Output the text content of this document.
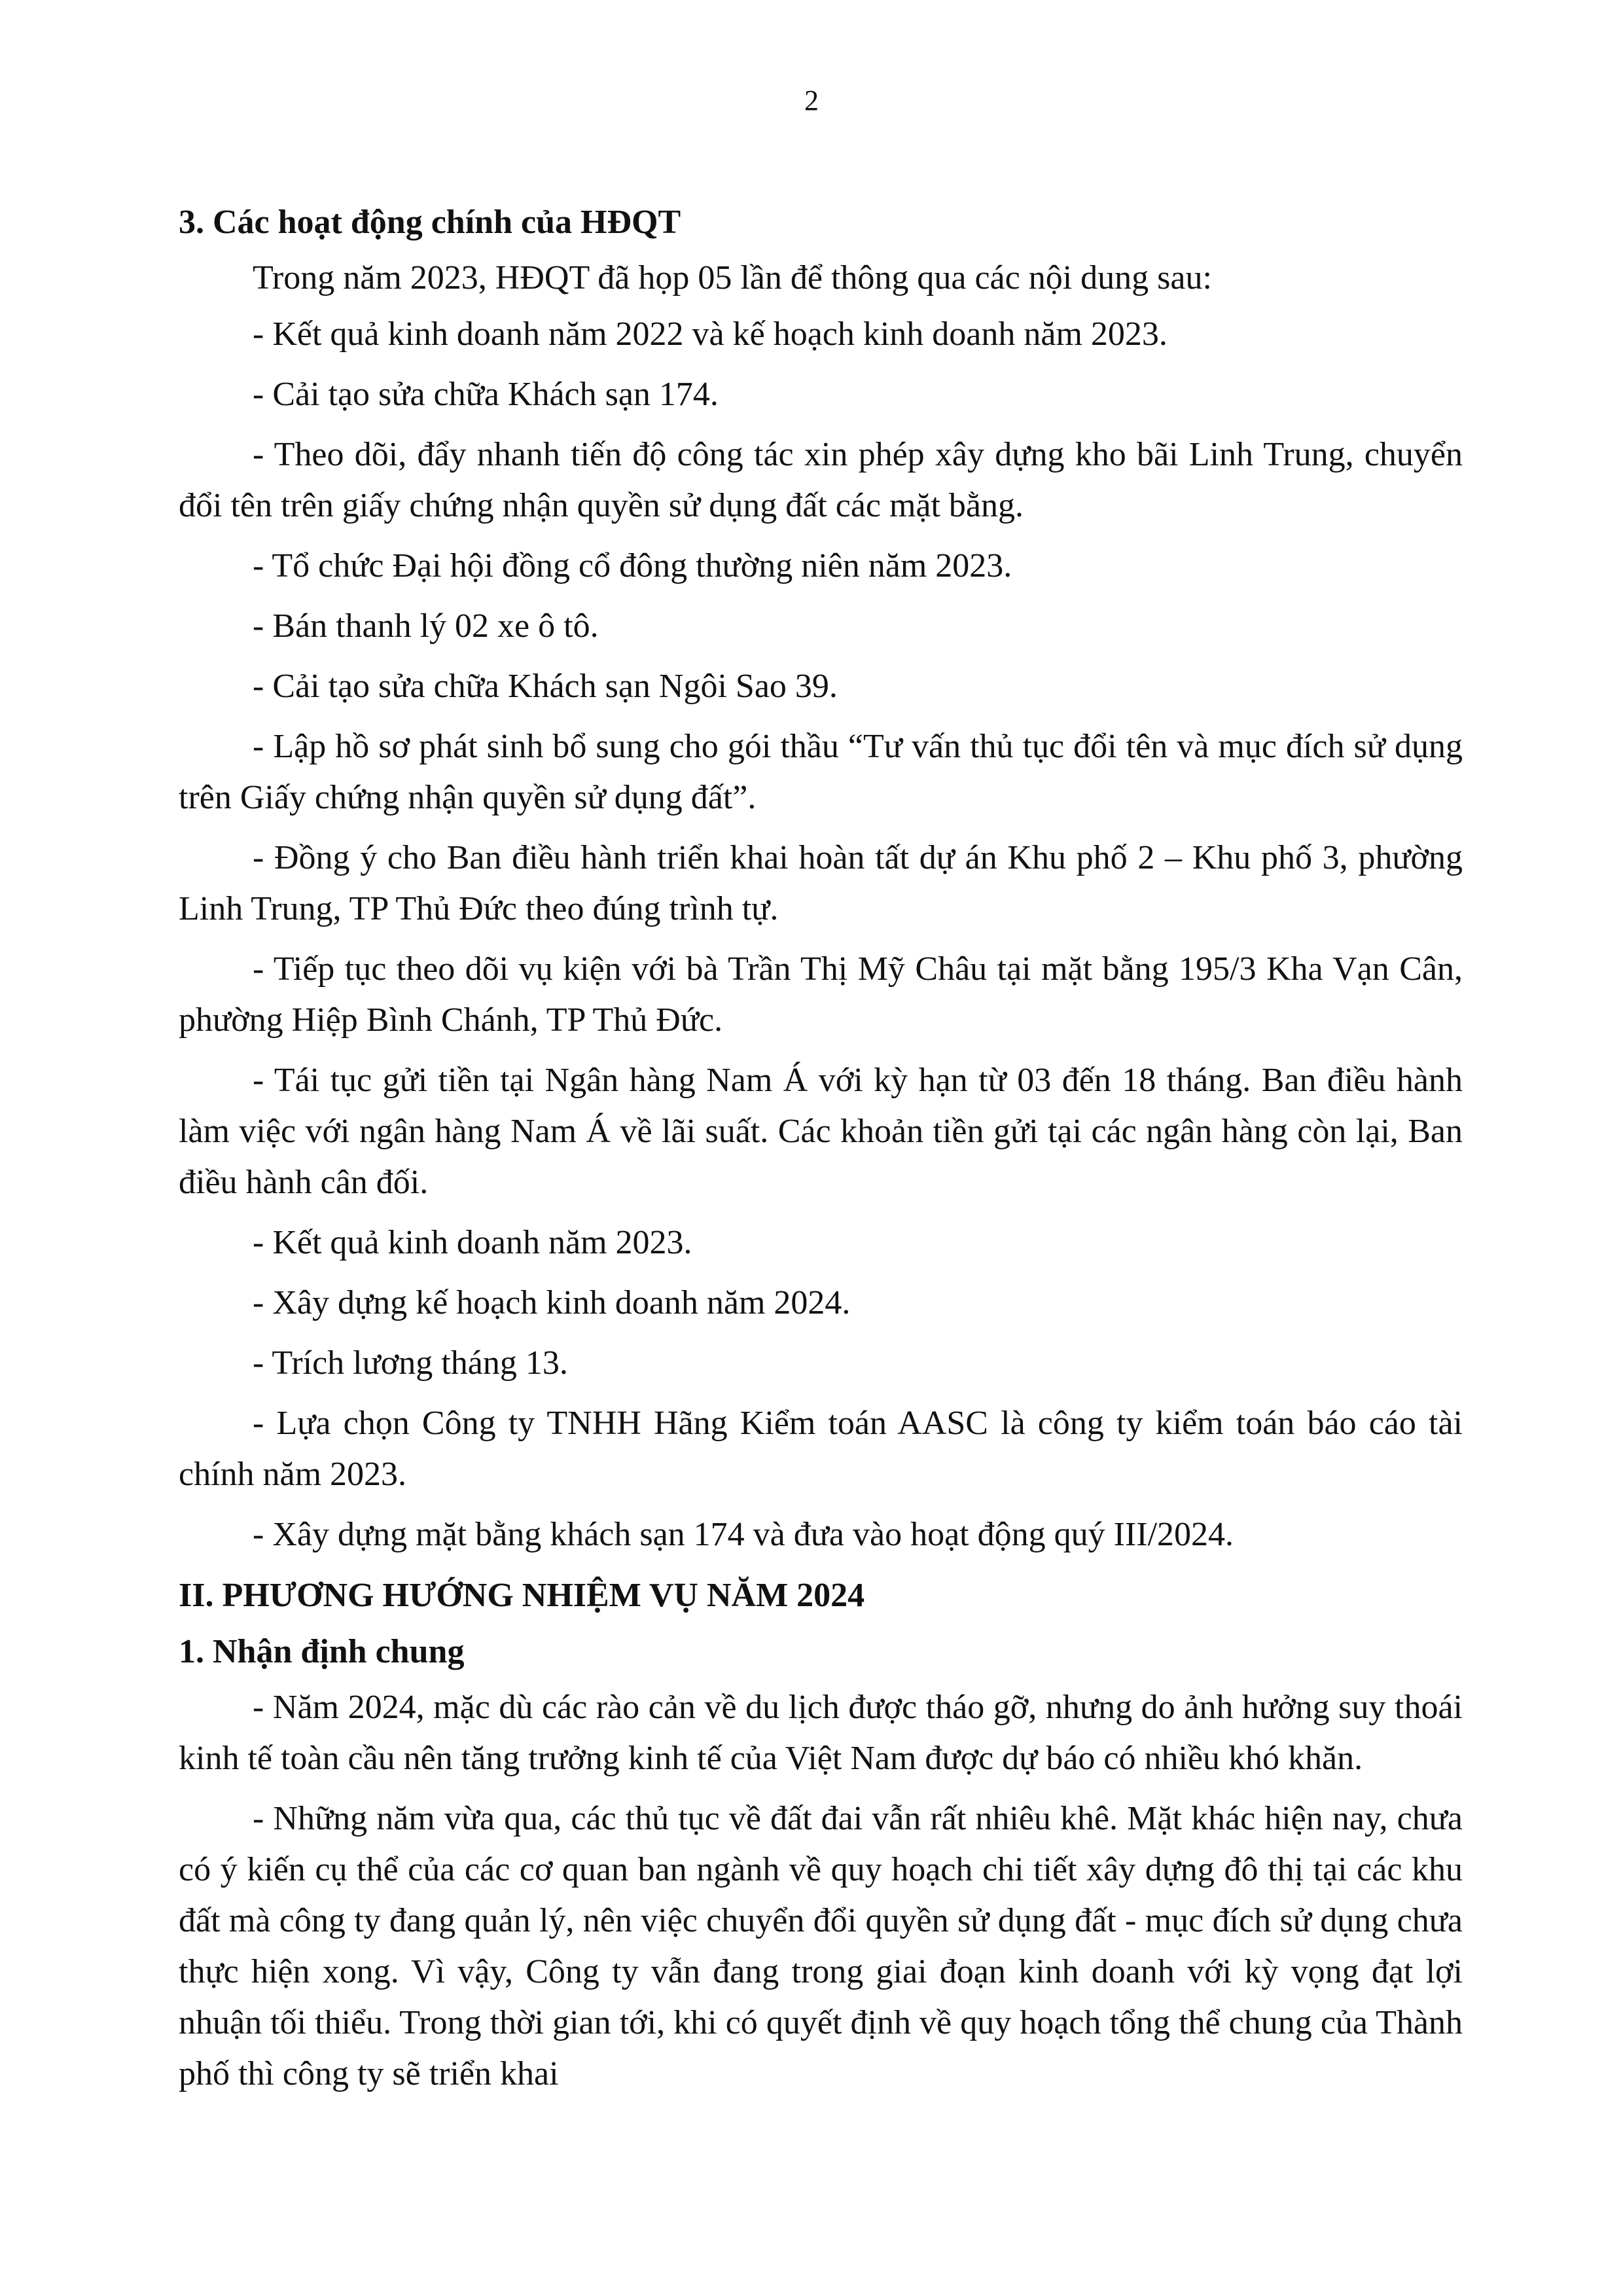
2
3. Các hoạt động chính của HĐQT

Trong năm 2023, HĐQT đã họp 05 lần để thông qua các nội dung sau:

- Kết quả kinh doanh năm 2022 và kế hoạch kinh doanh năm 2023.
- Cải tạo sửa chữa Khách sạn 174.
- Theo dõi, đẩy nhanh tiến độ công tác xin phép xây dựng kho bãi Linh Trung, chuyển đổi tên trên giấy chứng nhận quyền sử dụng đất các mặt bằng.
- Tổ chức Đại hội đồng cổ đông thường niên năm 2023.
- Bán thanh lý 02 xe ô tô.
- Cải tạo sửa chữa Khách sạn Ngôi Sao 39.
- Lập hồ sơ phát sinh bổ sung cho gói thầu “Tư vấn thủ tục đổi tên và mục đích sử dụng trên Giấy chứng nhận quyền sử dụng đất”.
- Đồng ý cho Ban điều hành triển khai hoàn tất dự án Khu phố 2 – Khu phố 3, phường Linh Trung, TP Thủ Đức theo đúng trình tự.
- Tiếp tục theo dõi vụ kiện với bà Trần Thị Mỹ Châu tại mặt bằng 195/3 Kha Vạn Cân, phường Hiệp Bình Chánh, TP Thủ Đức.
- Tái tục gửi tiền tại Ngân hàng Nam Á với kỳ hạn từ 03 đến 18 tháng. Ban điều hành làm việc với ngân hàng Nam Á về lãi suất. Các khoản tiền gửi tại các ngân hàng còn lại, Ban điều hành cân đối.
- Kết quả kinh doanh năm 2023.
- Xây dựng kế hoạch kinh doanh năm 2024.
- Trích lương tháng 13.
- Lựa chọn Công ty TNHH Hãng Kiểm toán AASC là công ty kiểm toán báo cáo tài chính năm 2023.
- Xây dựng mặt bằng khách sạn 174 và đưa vào hoạt động quý III/2024.
II. PHƯƠNG HƯỚNG NHIỆM VỤ NĂM 2024
1. Nhận định chung

- Năm 2024, mặc dù các rào cản về du lịch được tháo gỡ, nhưng do ảnh hưởng suy thoái kinh tế toàn cầu nên tăng trưởng kinh tế của Việt Nam được dự báo có nhiều khó khăn.

- Những năm vừa qua, các thủ tục về đất đai vẫn rất nhiêu khê. Mặt khác hiện nay, chưa có ý kiến cụ thể của các cơ quan ban ngành về quy hoạch chi tiết xây dựng đô thị tại các khu đất mà công ty đang quản lý, nên việc chuyển đổi quyền sử dụng đất - mục đích sử dụng chưa thực hiện xong. Vì vậy, Công ty vẫn đang trong giai đoạn kinh doanh với kỳ vọng đạt lợi nhuận tối thiểu. Trong thời gian tới, khi có quyết định về quy hoạch tổng thể chung của Thành phố thì công ty sẽ triển khai
